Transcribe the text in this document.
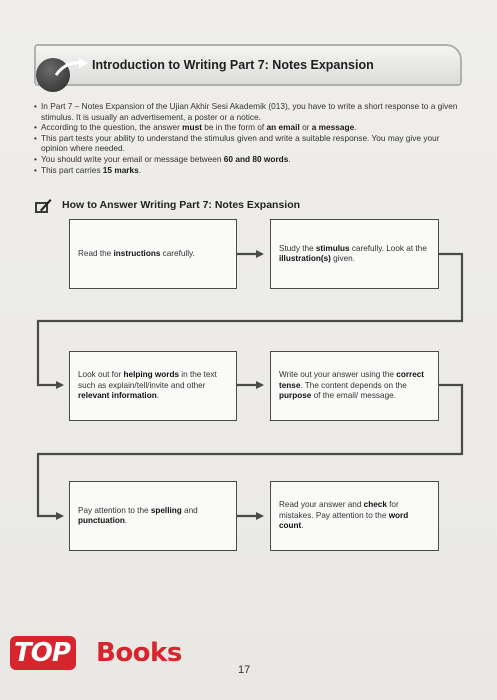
Introduction to Writing Part 7: Notes Expansion
• In Part 7 – Notes Expansion of the Ujian Akhir Sesi Akademik (013), you have to write a short response to a given stimulus. It is usually an advertisement, a poster or a notice.
• According to the question, the answer must be in the form of an email or a message.
• This part tests your ability to understand the stimulus given and write a suitable response. You may give your opinion where needed.
• You should write your email or message between 60 and 80 words.
• This part carries 15 marks.
How to Answer Writing Part 7: Notes Expansion
Read the instructions carefully.
Study the stimulus carefully. Look at the illustration(s) given.
Look out for helping words in the text such as explain/tell/invite and other relevant information.
Write out your answer using the correct tense. The content depends on the purpose of the email/ message.
Pay attention to the spelling and punctuation.
Read your answer and check for mistakes. Pay attention to the word count.
TOP Books
17
